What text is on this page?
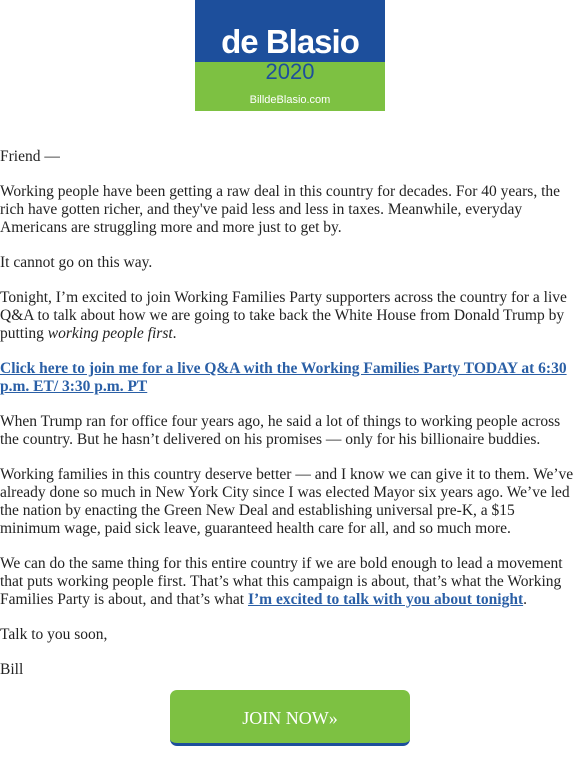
de Blasio
2020
BilldeBlasio.com

Friend —

Working people have been getting a raw deal in this country for decades. For 40 years, the rich have gotten richer, and they've paid less and less in taxes. Meanwhile, everyday Americans are struggling more and more just to get by.

It cannot go on this way.

Tonight, I’m excited to join Working Families Party supporters across the country for a live Q&A to talk about how we are going to take back the White House from Donald Trump by putting working people first.

Click here to join me for a live Q&A with the Working Families Party TODAY at 6:30 p.m. ET/ 3:30 p.m. PT

When Trump ran for office four years ago, he said a lot of things to working people across the country. But he hasn’t delivered on his promises — only for his billionaire buddies.

Working families in this country deserve better — and I know we can give it to them. We’ve already done so much in New York City since I was elected Mayor six years ago. We’ve led the nation by enacting the Green New Deal and establishing universal pre-K, a $15 minimum wage, paid sick leave, guaranteed health care for all, and so much more.

We can do the same thing for this entire country if we are bold enough to lead a movement that puts working people first. That’s what this campaign is about, that’s what the Working Families Party is about, and that’s what I’m excited to talk with you about tonight.

Talk to you soon,

Bill

JOIN NOW»
